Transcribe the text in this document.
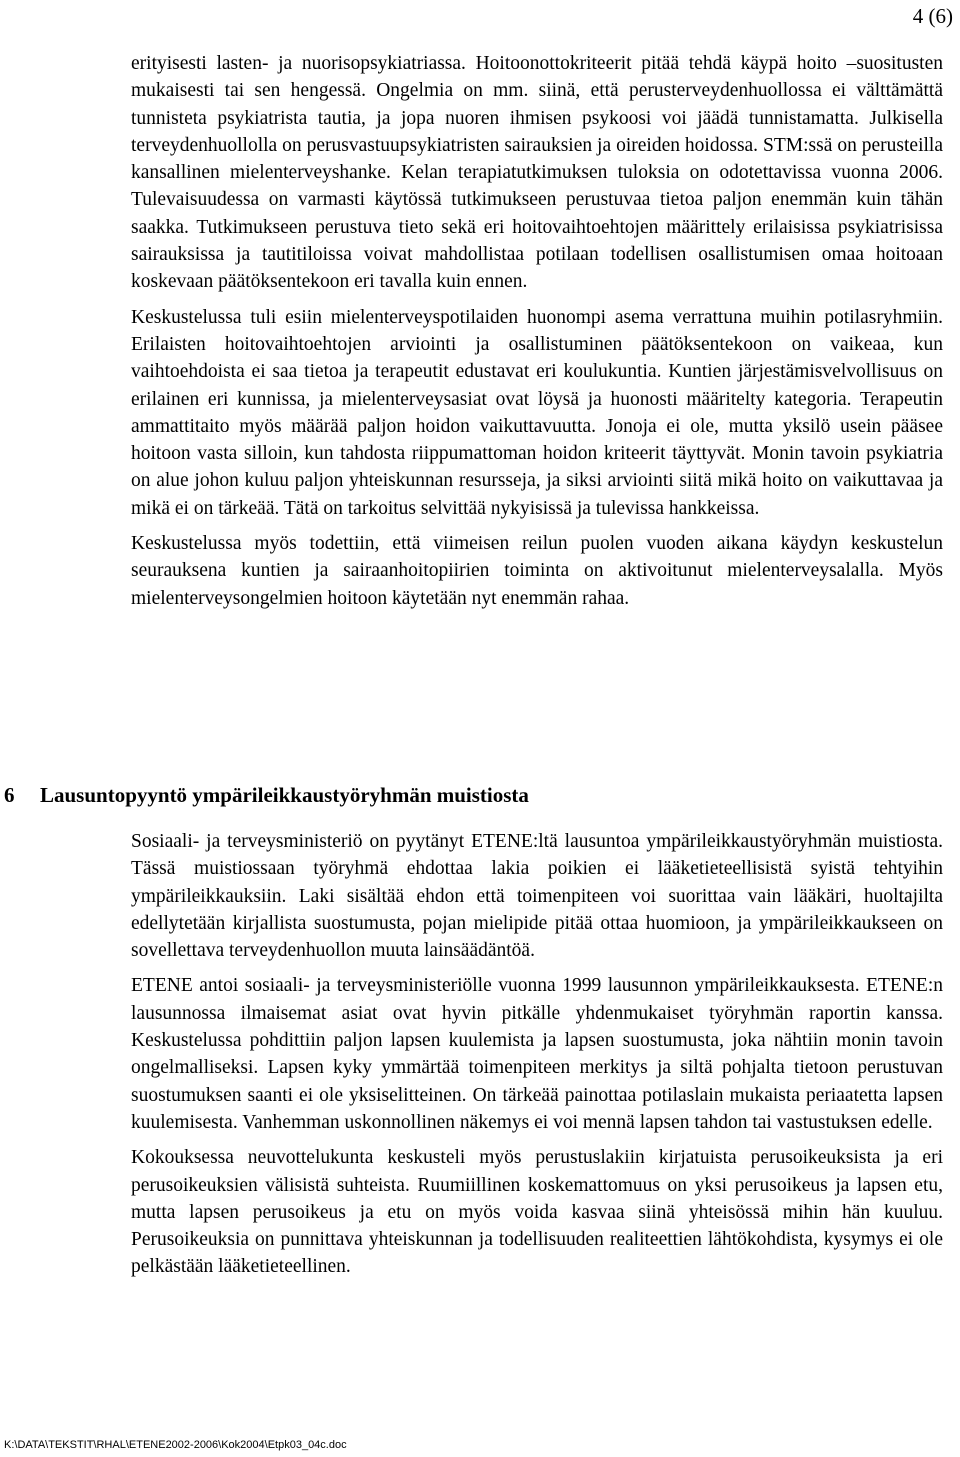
4 (6)

erityisesti lasten- ja nuorisopsykiatriassa. Hoitoonottokriteerit pitää tehdä käypä hoito –suositusten mukaisesti tai sen hengessä. Ongelmia on mm. siinä, että perusterveydenhuollossa ei välttämättä tunnisteta psykiatrista tautia, ja jopa nuoren ihmisen psykoosi voi jäädä tunnistamatta. Julkisella terveydenhuollolla on perusvastuupsykiatristen sairauksien ja oireiden hoidossa. STM:ssä on perusteilla kansallinen mielenterveyshanke. Kelan terapiatutkimuksen tuloksia on odotettavissa vuonna 2006. Tulevaisuudessa on varmasti käytössä tutkimukseen perustuvaa tietoa paljon enemmän kuin tähän saakka. Tutkimukseen perustuva tieto sekä eri hoitovaihtoehtojen määrittely erilaisissa psykiatrisissa sairauksissa ja tautitiloissa voivat mahdollistaa potilaan todellisen osallistumisen omaa hoitoaan koskevaan päätöksentekoon eri tavalla kuin ennen.

Keskustelussa tuli esiin mielenterveyspotilaiden huonompi asema verrattuna muihin potilasryhmiin. Erilaisten hoitovaihtoehtojen arviointi ja osallistuminen päätöksentekoon on vaikeaa, kun vaihtoehdoista ei saa tietoa ja terapeutit edustavat eri koulukuntia. Kuntien järjestämisvelvollisuus on erilainen eri kunnissa, ja mielenterveysasiat ovat löysä ja huonosti määritelty kategoria. Terapeutin ammattitaito myös määrää paljon hoidon vaikuttavuutta. Jonoja ei ole, mutta yksilö usein pääsee hoitoon vasta silloin, kun tahdosta riippumattoman hoidon kriteerit täyttyvät. Monin tavoin psykiatria on alue johon kuluu paljon yhteiskunnan resursseja, ja siksi arviointi siitä mikä hoito on vaikuttavaa ja mikä ei on tärkeää. Tätä on tarkoitus selvittää nykyisissä ja tulevissa hankkeissa.

Keskustelussa myös todettiin, että viimeisen reilun puolen vuoden aikana käydyn keskustelun seurauksena kuntien ja sairaanhoitopiirien toiminta on aktivoitunut mielenterveysalalla. Myös mielenterveysongelmien hoitoon käytetään nyt enemmän rahaa.

6	Lausuntopyyntö ympärileikkaustyöryhmän muistiosta

Sosiaali- ja terveysministeriö on pyytänyt ETENE:ltä lausuntoa ympärileikkaustyöryhmän muistiosta. Tässä muistiossaan työryhmä ehdottaa lakia poikien ei lääketieteellisistä syistä tehtyihin ympärileikkauksiin. Laki sisältää ehdon että toimenpiteen voi suorittaa vain lääkäri, huoltajilta edellytetään kirjallista suostumusta, pojan mielipide pitää ottaa huomioon, ja ympärileikkaukseen on sovellettava terveydenhuollon muuta lainsäädäntöä.

ETENE antoi sosiaali- ja terveysministeriölle vuonna 1999 lausunnon ympärileikkauksesta. ETENE:n lausunnossa ilmaisemat asiat ovat hyvin pitkälle yhdenmukaiset työryhmän raportin kanssa. Keskustelussa pohdittiin paljon lapsen kuulemista ja lapsen suostumusta, joka nähtiin monin tavoin ongelmalliseksi. Lapsen kyky ymmärtää toimenpiteen merkitys ja siltä pohjalta tietoon perustuvan suostumuksen saanti ei ole yksiselitteinen. On tärkeää painottaa potilaslain mukaista periaatetta lapsen kuulemisesta. Vanhemman uskonnollinen näkemys ei voi mennä lapsen tahdon tai vastustuksen edelle.

Kokouksessa neuvottelukunta keskusteli myös perustuslakiin kirjatuista perusoikeuksista ja eri perusoikeuksien välisistä suhteista. Ruumiillinen koskemattomuus on yksi perusoikeus ja lapsen etu, mutta lapsen perusoikeus ja etu on myös voida kasvaa siinä yhteisössä mihin hän kuuluu. Perusoikeuksia on punnittava yhteiskunnan ja todellisuuden realiteettien lähtökohdista, kysymys ei ole pelkästään lääketieteellinen.

K:\DATA\TEKSTIT\RHAL\ETENE2002-2006\Kok2004\Etpk03_04c.doc
